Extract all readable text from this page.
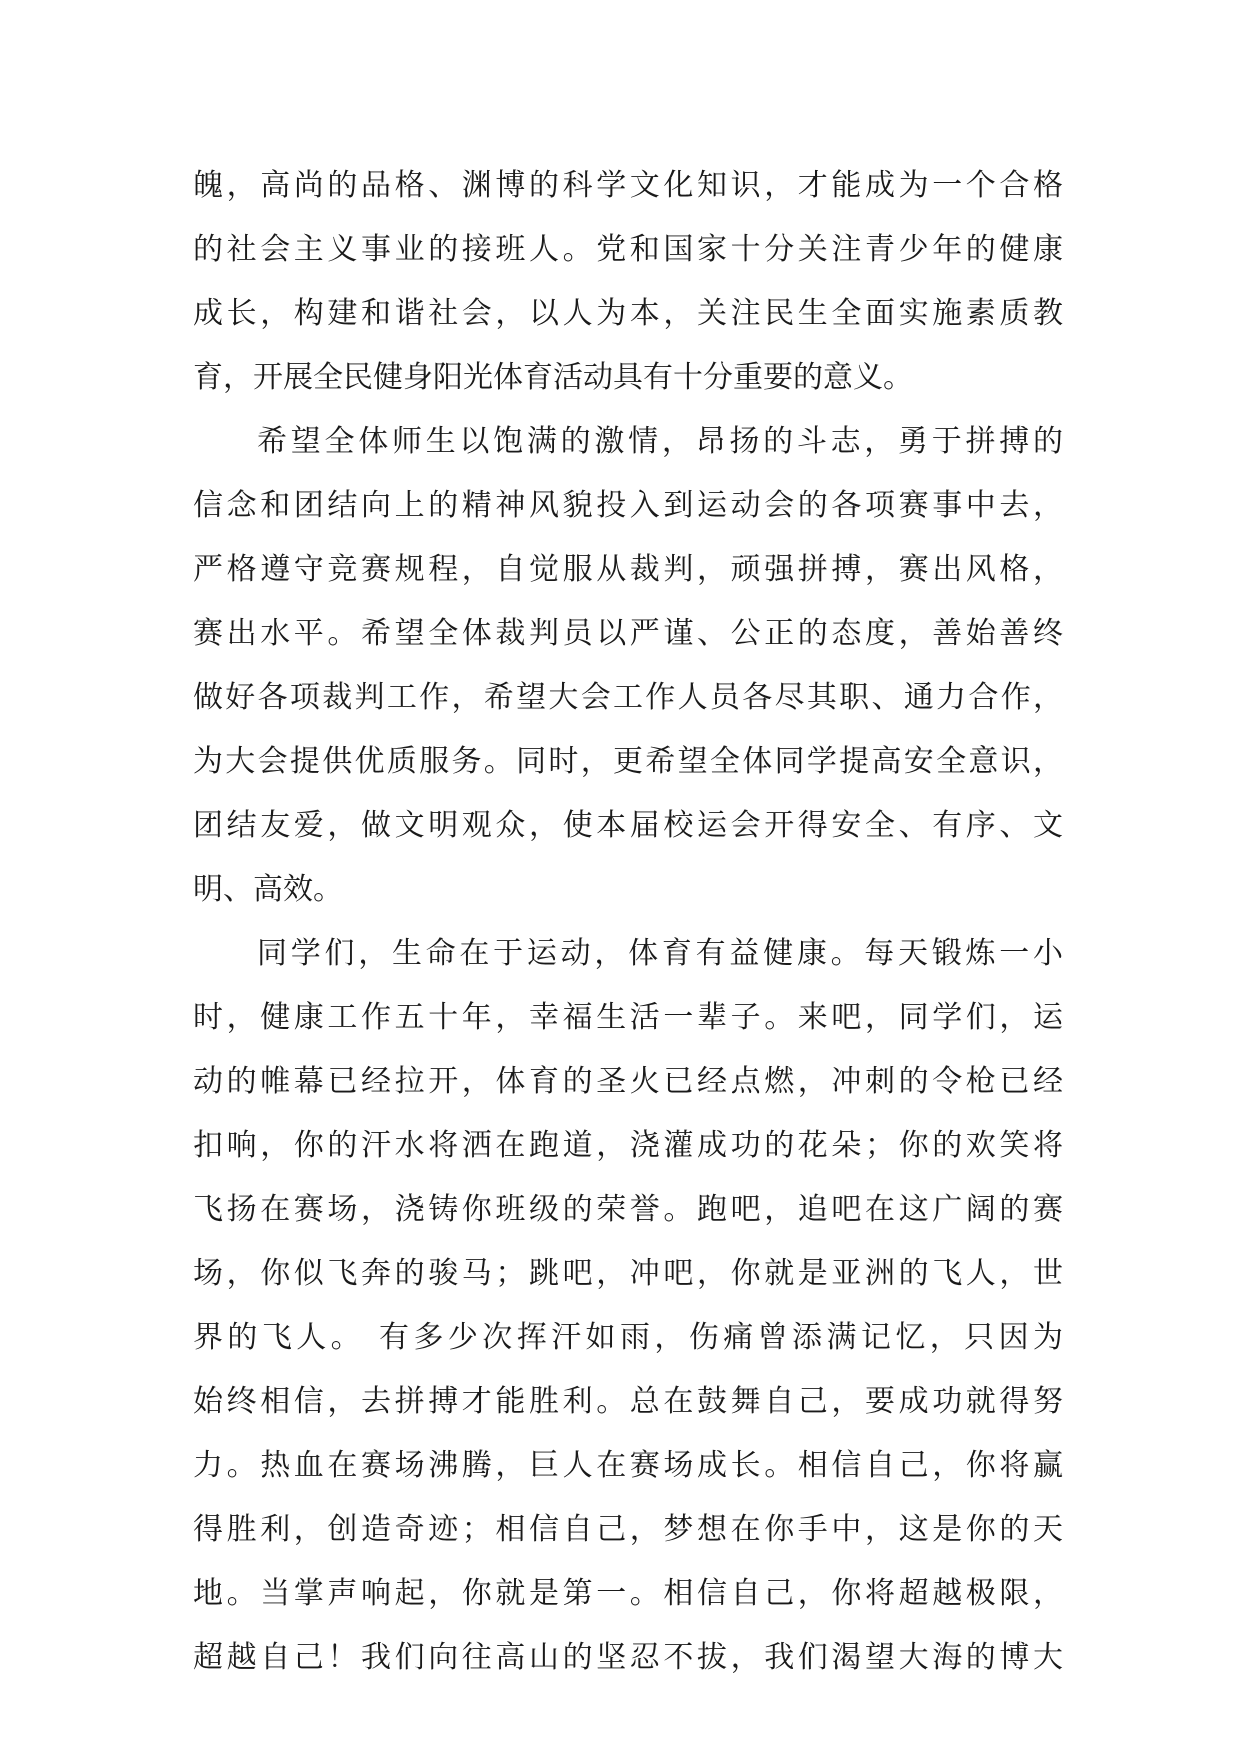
魄，高尚的品格、渊博的科学文化知识，才能成为一个合格
的社会主义事业的接班人。党和国家十分关注青少年的健康
成长，构建和谐社会，以人为本，关注民生全面实施素质教
育，开展全民健身阳光体育活动具有十分重要的意义。
希望全体师生以饱满的激情，昂扬的斗志，勇于拼搏的
信念和团结向上的精神风貌投入到运动会的各项赛事中去，
严格遵守竞赛规程，自觉服从裁判，顽强拼搏，赛出风格，
赛出水平。希望全体裁判员以严谨、公正的态度，善始善终
做好各项裁判工作，希望大会工作人员各尽其职、通力合作，
为大会提供优质服务。同时，更希望全体同学提高安全意识，
团结友爱，做文明观众，使本届校运会开得安全、有序、文
明、高效。
同学们，生命在于运动，体育有益健康。每天锻炼一小
时，健康工作五十年，幸福生活一辈子。来吧，同学们，运
动的帷幕已经拉开，体育的圣火已经点燃，冲刺的令枪已经
扣响，你的汗水将洒在跑道，浇灌成功的花朵；你的欢笑将
飞扬在赛场，浇铸你班级的荣誉。跑吧，追吧在这广阔的赛
场，你似飞奔的骏马；跳吧，冲吧，你就是亚洲的飞人，世
界的飞人。 有多少次挥汗如雨，伤痛曾添满记忆，只因为
始终相信，去拼搏才能胜利。总在鼓舞自己，要成功就得努
力。热血在赛场沸腾，巨人在赛场成长。相信自己，你将赢
得胜利，创造奇迹；相信自己，梦想在你手中，这是你的天
地。当掌声响起，你就是第一。相信自己，你将超越极限，
超越自己！我们向往高山的坚忍不拔，我们渴望大海的博大
